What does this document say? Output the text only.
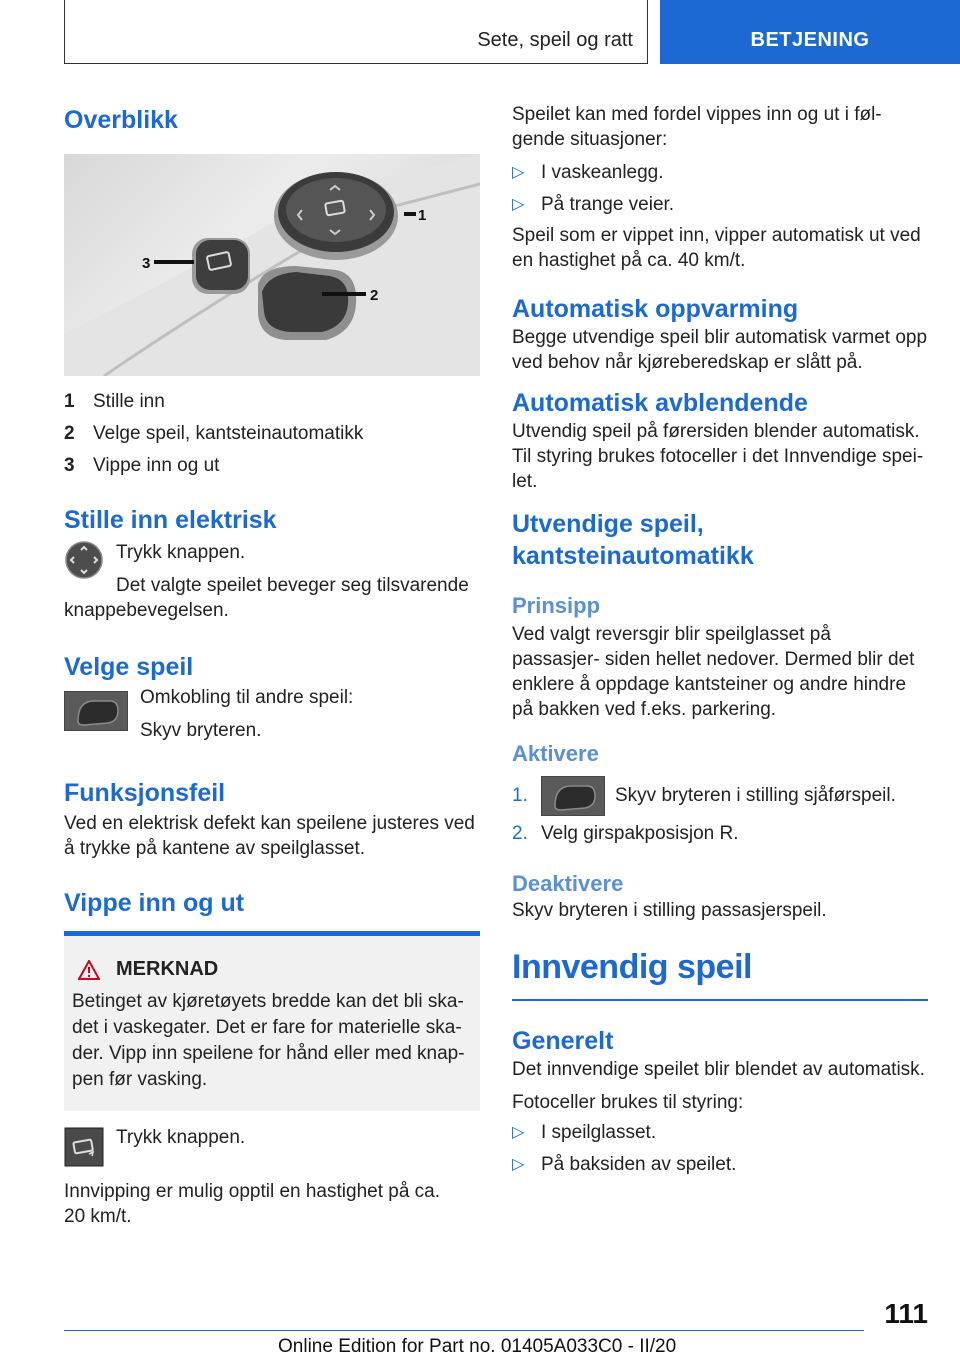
Sete, speil og ratt	BETJENING
Overblikk
1
3
2
1 Stille inn
2 Velge speil, kantsteinautomatikk
3 Vippe inn og ut
Stille inn elektrisk

Trykk knappen.

Det valgte speilet beveger seg tilsvarende

knappebevegelsen.

Velge speil

Omkobling til andre speil:

Skyv bryteren.

Funksjonsfeil

Ved en elektrisk defekt kan speilene justeres ved å trykke på kantene av speilglasset.

Vippe inn og ut
MERKNAD

Betinget av kjøretøyets bredde kan det bli ska- det i vaskegater. Det er fare for materielle ska- der. Vipp inn speilene for hånd eller med knap- pen før vasking.

Trykk knappen.

Innvipping er mulig opptil en hastighet på ca. 20 km/t.

Speilet kan med fordel vippes inn og ut i føl- gende situasjoner:

▷ I vaskeanlegg.
▷ På trange veier.

Speil som er vippet inn, vipper automatisk ut ved en hastighet på ca. 40 km/t.

Automatisk oppvarming

Begge utvendige speil blir automatisk varmet opp ved behov når kjøreberedskap er slått på.

Automatisk avblendende

Utvendig speil på førersiden blender automatisk. Til styring brukes fotoceller i det Innvendige spei- let.

Utvendige speil,
kantsteinautomatikk
Prinsipp

Ved valgt reversgir blir speilglasset på passasjer- siden hellet nedover. Dermed blir det enklere å oppdage kantsteiner og andre hindre på bakken ved f.eks. parkering.

Aktivere
1.	Skyv bryteren i stilling sjåførspeil.
2. Velg girspakposisjon R.
Deaktivere

Skyv bryteren i stilling passasjerspeil.

Innvendig speil
Generelt

Det innvendige speilet blir blendet av automatisk.

Fotoceller brukes til styring:

▷ I speilglasset.
▷ På baksiden av speilet.
111
Online Edition for Part no. 01405A033C0 - II/20
